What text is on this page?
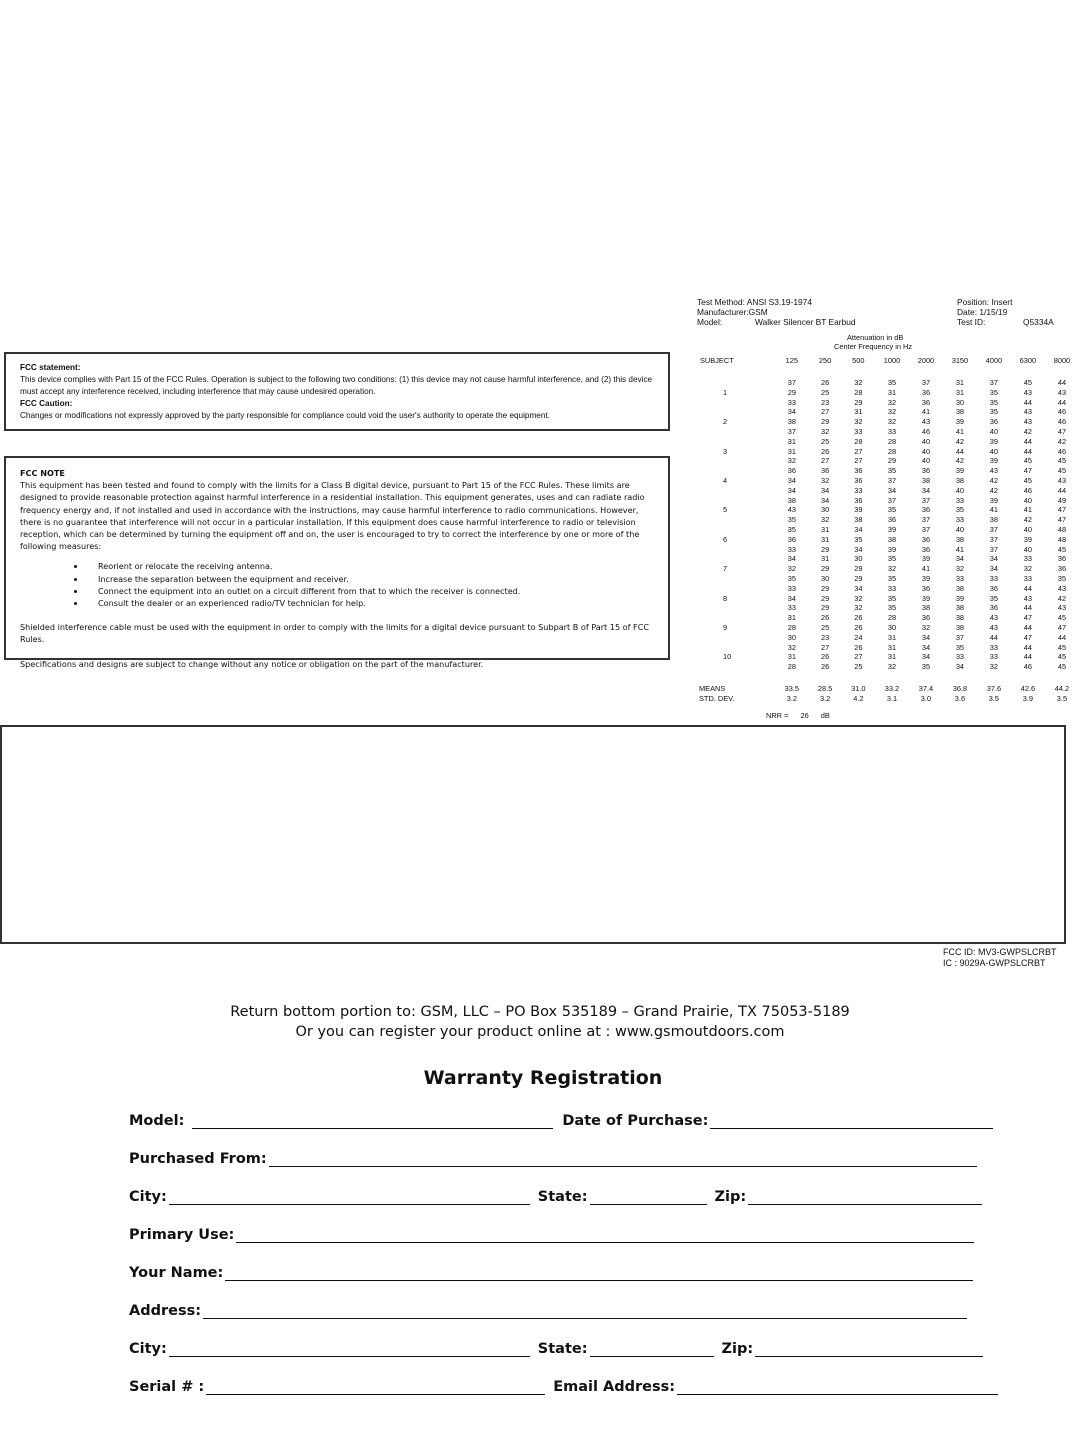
FCC statement:
This device complies with Part 15 of the FCC Rules. Operation is subject to the following two conditions: (1) this device may not cause harmful interference, and (2) this device must accept any interference received, including interference that may cause undesired operation.
FCC Caution:
Changes or modifications not expressly approved by the party responsible for compliance could void the user's authority to operate the equipment.
FCC NOTE

This equipment has been tested and found to comply with the limits for a Class B digital device, pursuant to Part 15 of the FCC Rules. These limits are designed to provide reasonable protection against harmful interference in a residential installation. This equipment generates, uses and can radiate radio frequency energy and, if not installed and used in accordance with the instructions, may cause harmful interference to radio communications. However, there is no guarantee that interference will not occur in a particular installation. If this equipment does cause harmful interference to radio or television reception, which can be determined by turning the equipment off and on, the user is encouraged to try to correct the interference by one or more of the following measures:

• Reorient or relocate the receiving antenna.
• Increase the separation between the equipment and receiver.
• Connect the equipment into an outlet on a circuit different from that to which the receiver is connected.
• Consult the dealer or an experienced radio/TV technician for help.

Shielded interference cable must be used with the equipment in order to comply with the limits for a digital device pursuant to Subpart B of Part 15 of FCC Rules.

Specifications and designs are subject to change without any notice or obligation on the part of the manufacturer.

Test Method: ANSI S3.19-1974
Manufacturer:GSM
Model:	Walker Silencer BT Earbud
Position: Insert
Date: 1/15/19
Test ID:	Q5334A
Attenuation in dB
Center Frequency in Hz
SUBJECT	125	250	500	1000	2000	3150	4000	6300	8000

	37	26	32	35	37	31	37	45	44
1	29	25	28	31	36	31	35	43	43
	33	23	29	32	36	30	35	44	44
	34	27	31	32	41	38	35	43	46
2	38	29	32	32	43	39	36	43	46
	37	32	33	33	46	41	40	42	47
	31	25	28	28	40	42	39	44	42
3	31	26	27	28	40	44	40	44	46
	32	27	27	29	40	42	39	45	45
	36	36	36	35	36	39	43	47	45
4	34	32	36	37	38	38	42	45	43
	34	34	33	34	34	40	42	46	44
	38	34	36	37	37	33	39	40	49
5	43	30	39	35	36	35	41	41	47
	35	32	38	36	37	33	38	42	47
	35	31	34	39	37	40	37	40	48
6	36	31	35	38	36	38	37	39	48
	33	29	34	39	36	41	37	40	45
	34	31	30	35	39	34	34	33	36
7	32	29	29	32	41	32	34	32	36
	35	30	29	35	39	33	33	33	35
	33	29	34	33	36	38	36	44	43
8	34	29	32	35	39	39	35	43	42
	33	29	32	35	38	38	36	44	43
	31	26	26	28	36	38	43	47	45
9	28	25	26	30	32	38	43	44	47
	30	23	24	31	34	37	44	47	44
	32	27	26	31	34	35	33	44	45
10	31	26	27	31	34	33	33	44	45
	28	26	25	32	35	34	32	46	45

MEANS	33.5	28.5	31.0	33.2	37.4	36.8	37.6	42.6	44.2
STD. DEV.	3.2	3.2	4.2	3.1	3.0	3.6	3.5	3.9	3.5
FCC ID: MV3-GWPSLCRBT
IC : 9029A-GWPSLCRBT
Return bottom portion to: GSM, LLC – PO Box 535189 – Grand Prairie, TX 75053-5189
Or you can register your product online at : www.gsmoutdoors.com
Warranty Registration
Model:	Date of Purchase:
Purchased From:
City:	State:	Zip:
Primary Use:
Your Name:
Address:
City:	State:	Zip:
Serial # :	Email Address:
NRR = 26 dB
